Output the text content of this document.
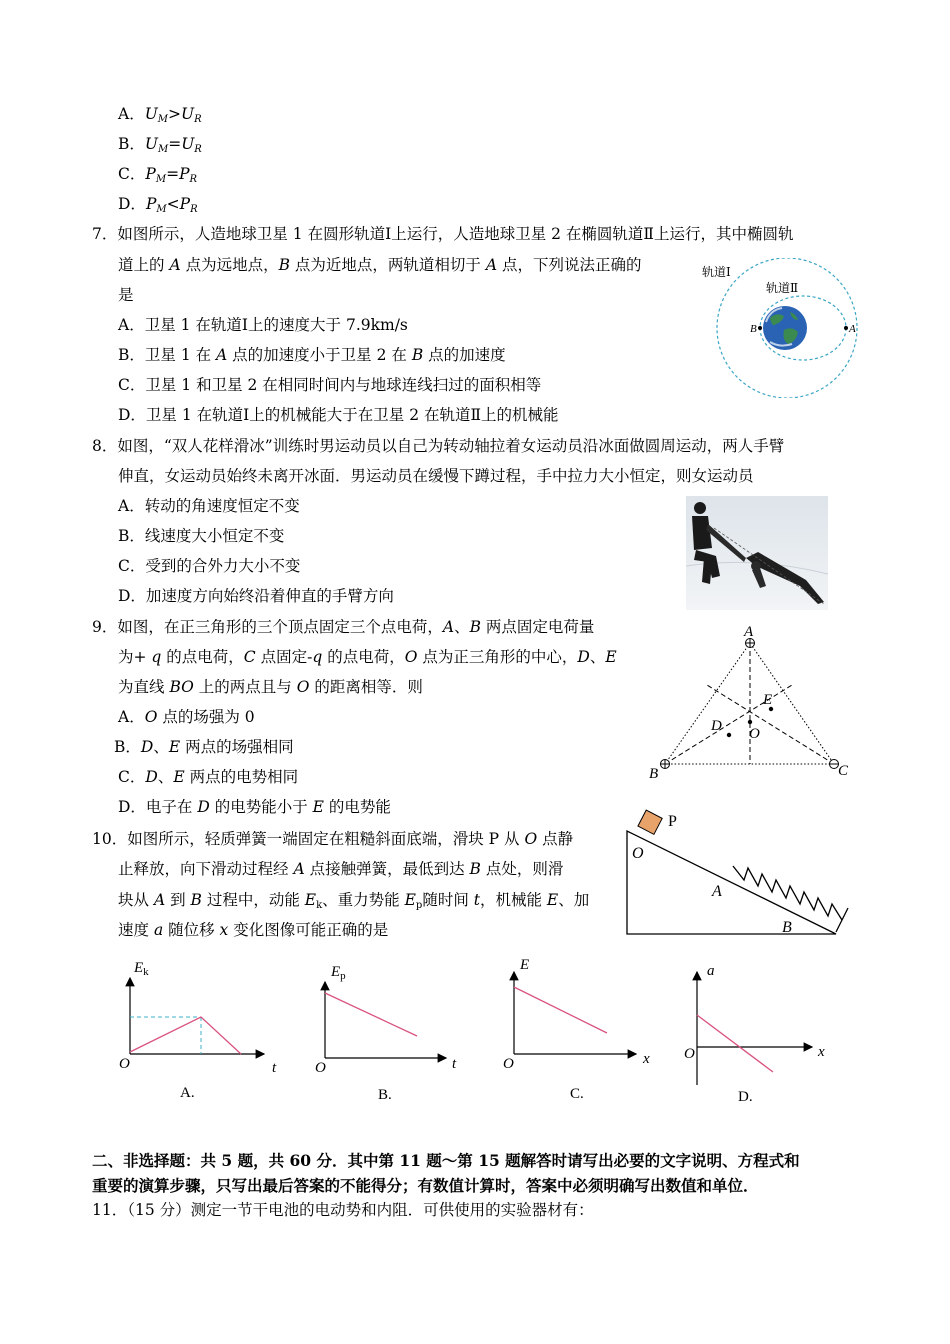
A．$U_M>U_R$
B．$U_M=U_R$
C．$P_M=P_R$
D．$P_M<P_R$
7．如图所示，人造地球卫星 1 在圆形轨道Ⅰ上运行，人造地球卫星 2 在椭圆轨道Ⅱ上运行，其中椭圆轨
道上的 A 点为远地点，B 点为近地点，两轨道相切于 A 点，下列说法正确的
是
A．卫星 1 在轨道Ⅰ上的速度大于 7.9km/s
B．卫星 1 在 A 点的加速度小于卫星 2 在 B 点的加速度
C．卫星 1 和卫星 2 在相同时间内与地球连线扫过的面积相等
D．卫星 1 在轨道Ⅰ上的机械能大于在卫星 2 在轨道Ⅱ上的机械能
轨道Ⅰ
轨道Ⅱ
B	A
8．如图，“双人花样滑冰”训练时男运动员以自己为转动轴拉着女运动员沿冰面做圆周运动，两人手臂
伸直，女运动员始终未离开冰面．男运动员在缓慢下蹲过程，手中拉力大小恒定，则女运动员
A．转动的角速度恒定不变
B．线速度大小恒定不变
C．受到的合外力大小不变
D．加速度方向始终沿着伸直的手臂方向
9．如图，在正三角形的三个顶点固定三个点电荷，A、B 两点固定电荷量
为+ q 的点电荷，C 点固定-q 的点电荷，O 点为正三角形的中心，D、E
为直线 BO 上的两点且与 O 的距离相等．则
A．O 点的场强为 0
B．D、E 两点的场强相同
C．D、E 两点的电势相同
D．电子在 D 的电势能小于 E 的电势能
A
B	C
D
E
O
10．如图所示，轻质弹簧一端固定在粗糙斜面底端，滑块 P 从 O 点静
止释放，向下滑动过程经 A 点接触弹簧，最低到达 B 点处，则滑
块从 A 到 B 过程中，动能 $E_k$、重力势能 $E_p$随时间 t，机械能 E、加
速度 a 随位移 x 变化图像可能正确的是
P
O
A
B
$E_k$
t
O
A.
$E_p$
t
O
B.
E
x
O
C.
a
x
O
D.
二、非选择题：共 5 题，共 60 分．其中第 11 题～第 15 题解答时请写出必要的文字说明、方程式和
重要的演算步骤，只写出最后答案的不能得分；有数值计算时，答案中必须明确写出数值和单位．
11．（15 分）测定一节干电池的电动势和内阻．可供使用的实验器材有：
